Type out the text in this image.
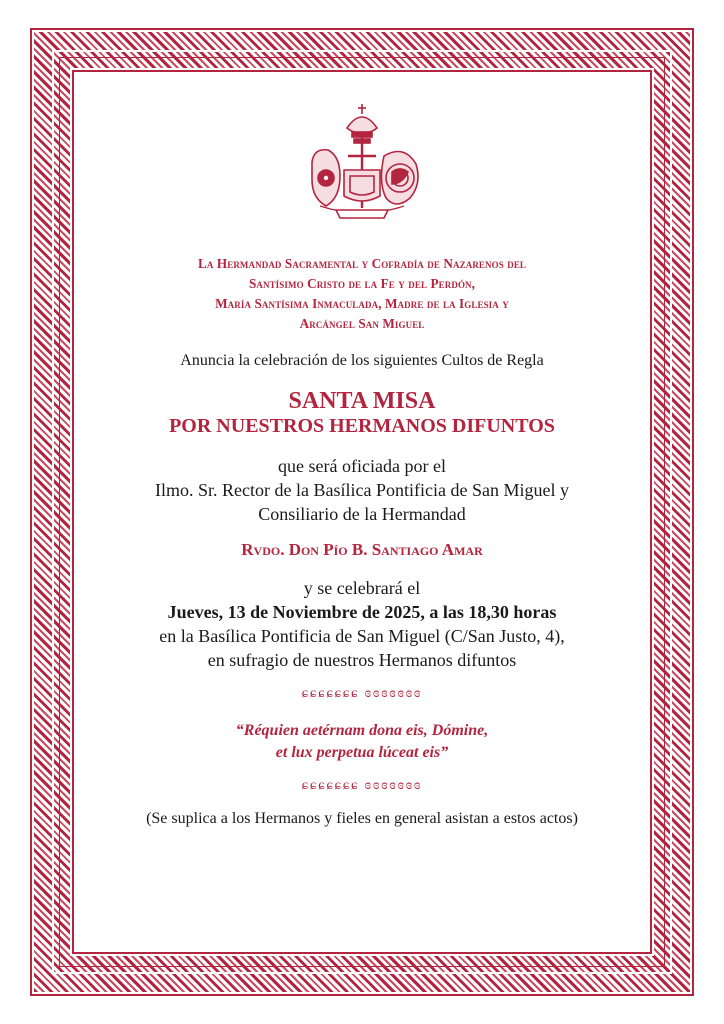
La Hermandad Sacramental y Cofradía de Nazarenos del
Santísimo Cristo de la Fe y del Perdón,
María Santísima Inmaculada, Madre de la Iglesia y
Arcángel San Miguel
Anuncia la celebración de los siguientes Cultos de Regla
SANTA MISA
POR NUESTROS HERMANOS DIFUNTOS
que será oficiada por el
Ilmo. Sr. Rector de la Basílica Pontificia de San Miguel y
Consiliario de la Hermandad
Rvdo. Don Pío B. Santiago Amar
y se celebrará el
Jueves, 13 de Noviembre de 2025, a las 18,30 horas
en la Basílica Pontificia de San Miguel (C/San Justo, 4),
en sufragio de nuestros Hermanos difuntos
ɕɕɕɕɕɕɕ ɞɞɞɞɞɞɞ
“Réquien aetérnam dona eis, Dómine,
et lux perpetua lúceat eis”
ɕɕɕɕɕɕɕ ɞɞɞɞɞɞɞ
(Se suplica a los Hermanos y fieles en general asistan a estos actos)
